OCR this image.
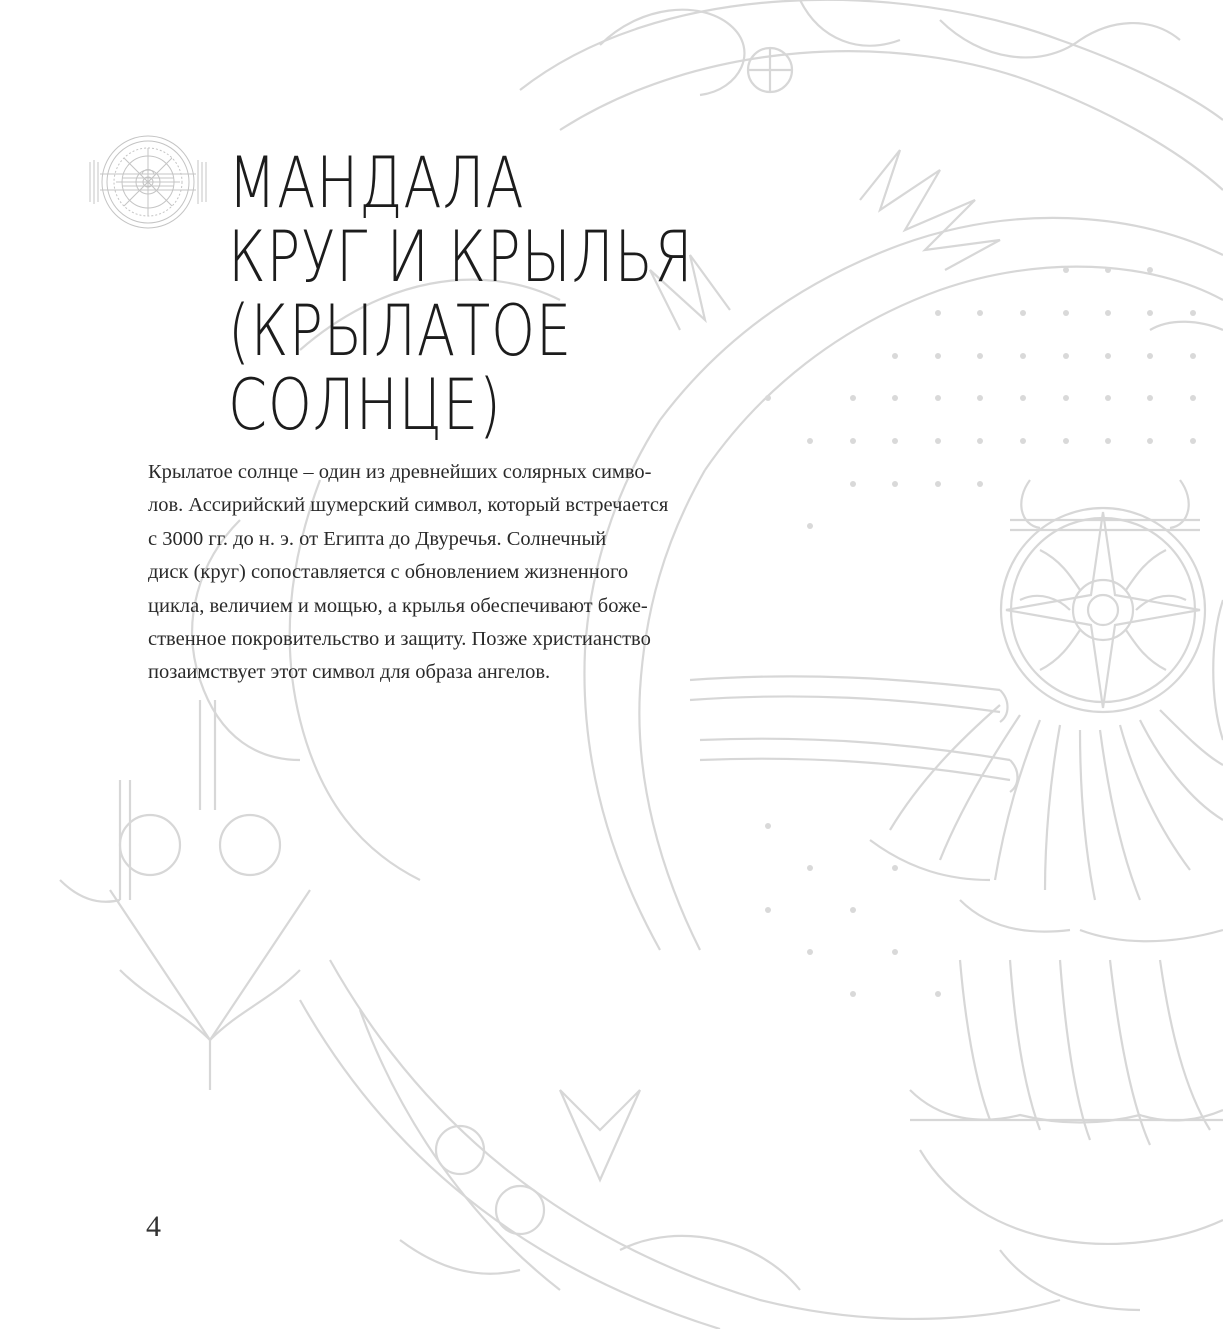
МАНДАЛА
КРУГ И КРЫЛЬЯ
(КРЫЛАТОЕ
СОЛНЦЕ)

Крылатое солнце – один из древнейших солярных симво-
лов. Ассирийский шумерский символ, который встречается
с 3000 гг. до н. э. от Египта до Двуречья. Солнечный
диск (круг) сопоставляется с обновлением жизненного
цикла, величием и мощью, а крылья обеспечивают боже-
ственное покровительство и защиту. Позже христианство
позаимствует этот символ для образа ангелов.

4
